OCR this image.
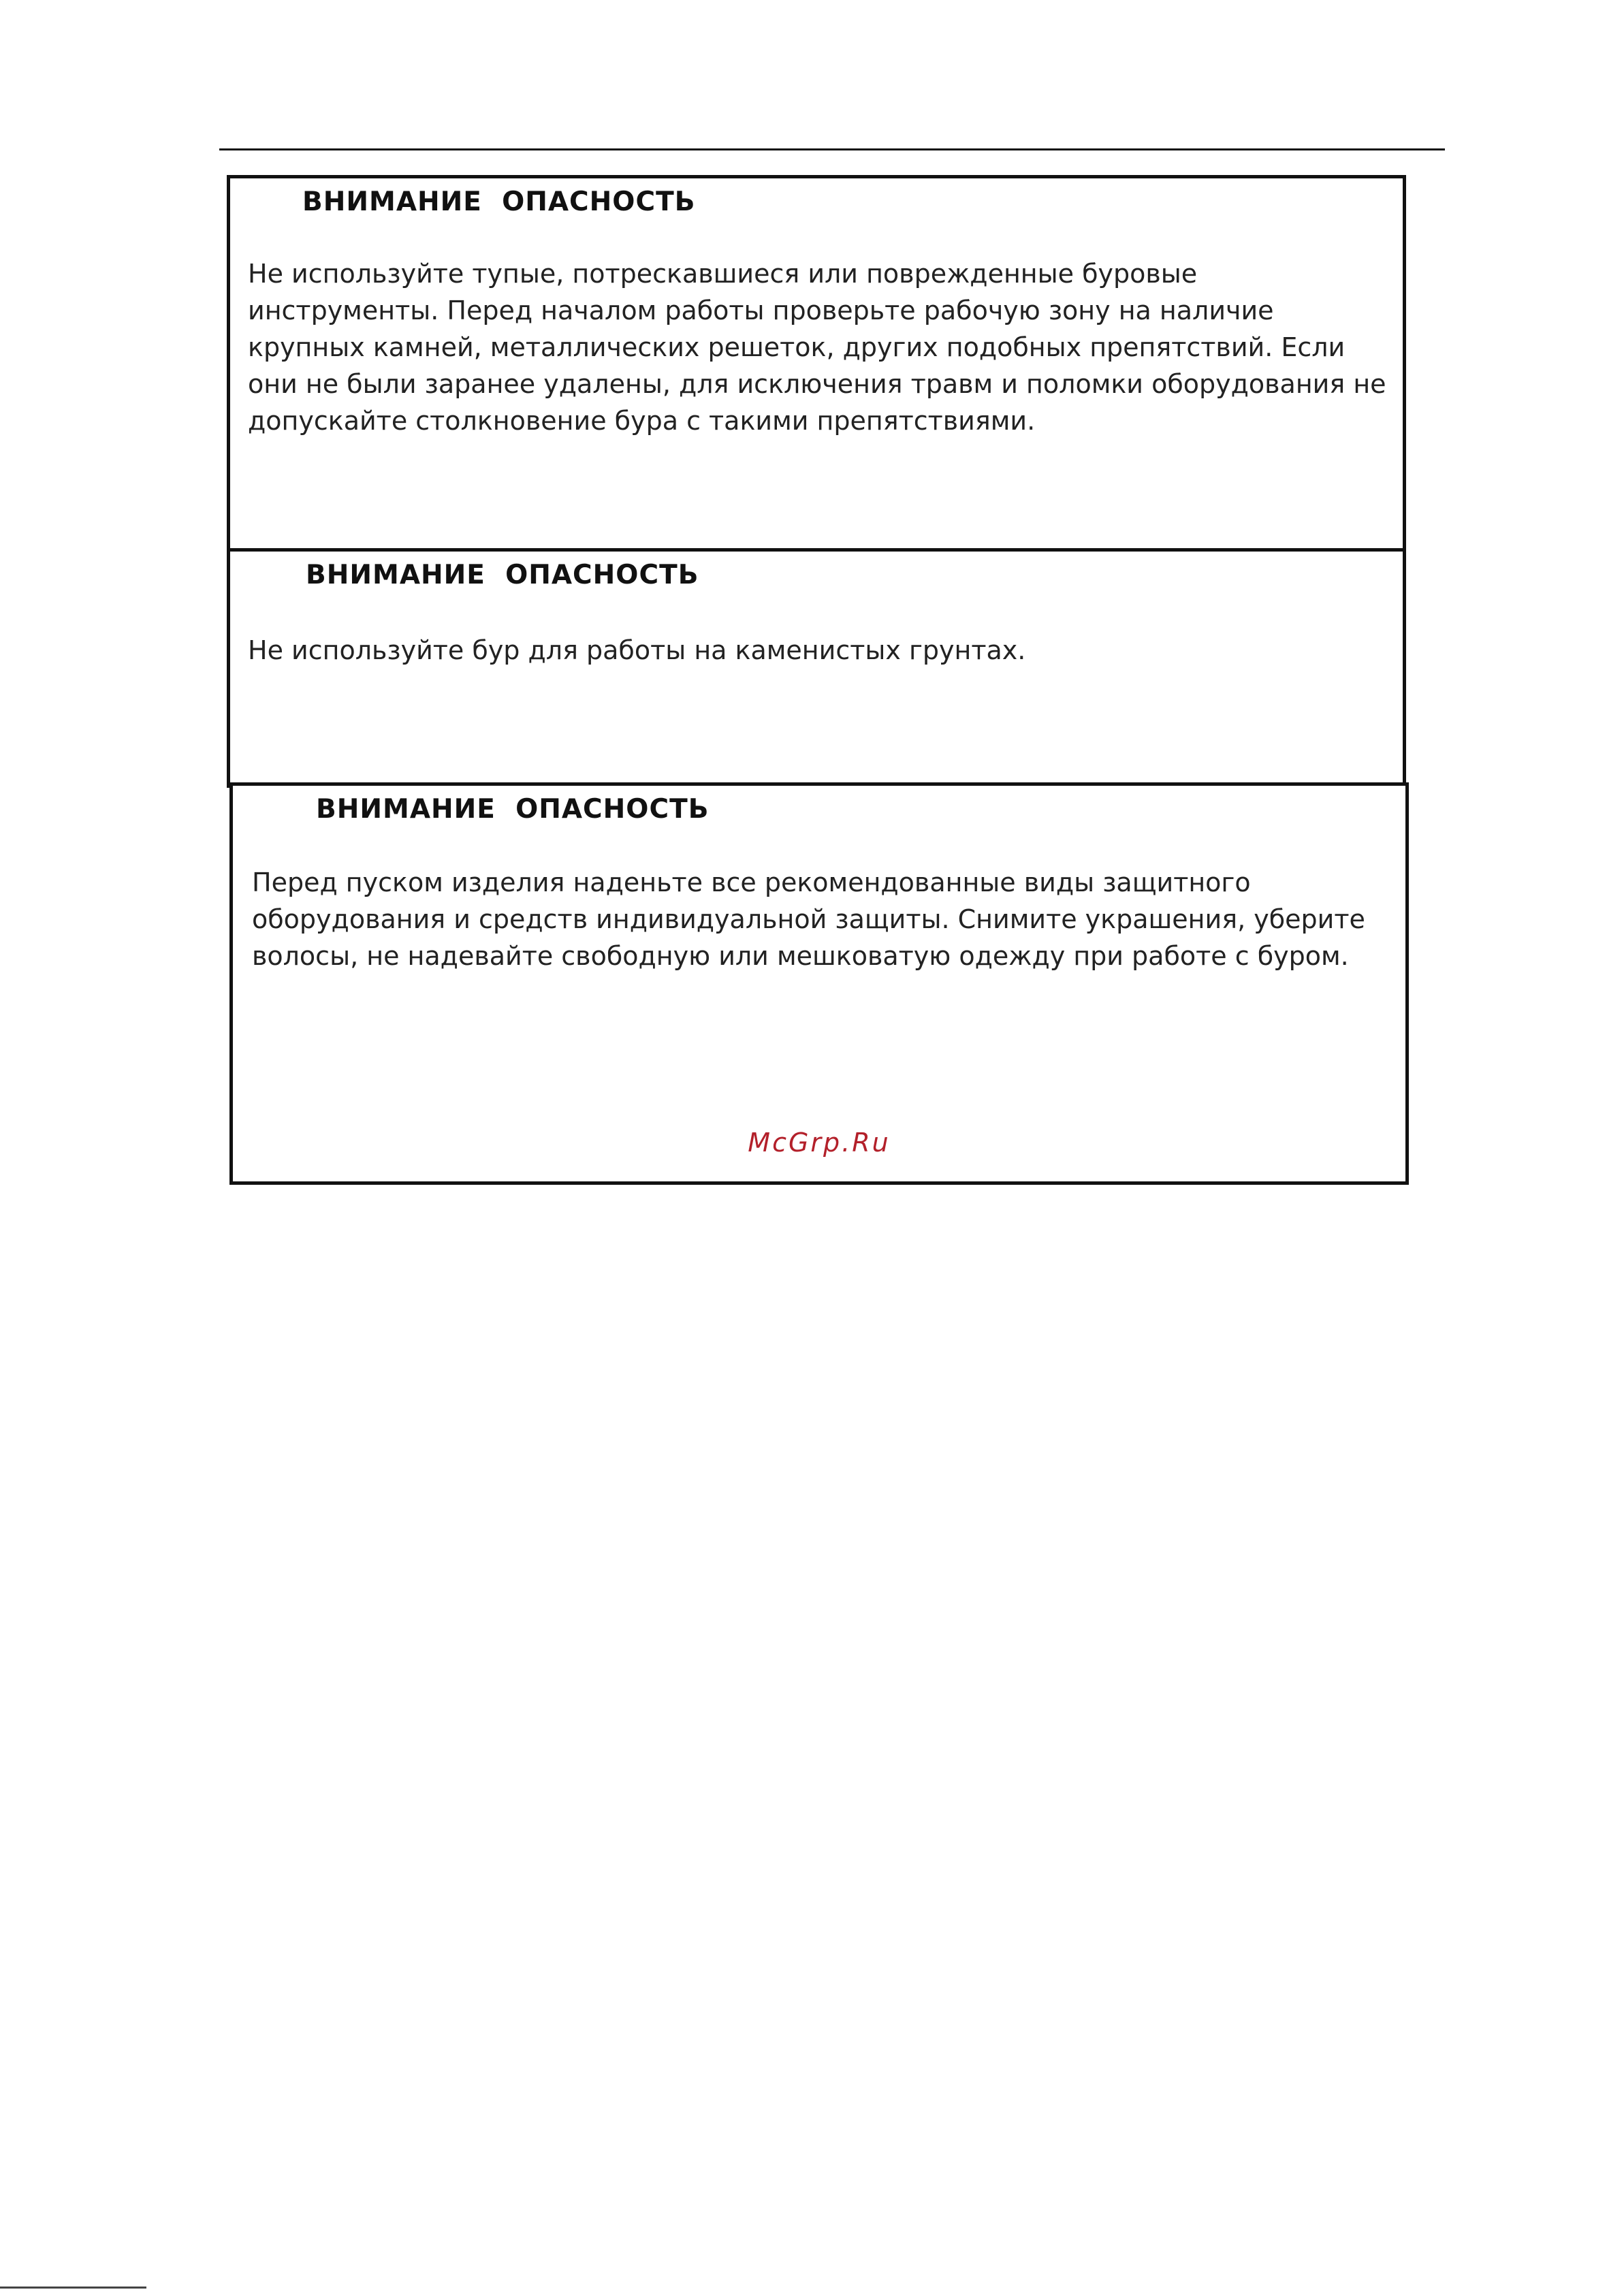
ВНИМАНИЕ  ОПАСНОСТЬ
Не используйте тупые, потрескавшиеся или поврежденные буровые инструменты. Перед началом работы проверьте рабочую зону на наличие крупных камней, металлических решеток, других подобных препятствий. Если они не были заранее удалены, для исключения травм и поломки оборудования не допускайте столкновение бура с такими препятствиями.
ВНИМАНИЕ  ОПАСНОСТЬ
Не используйте бур для работы на каменистых грунтах.
ВНИМАНИЕ  ОПАСНОСТЬ
Перед пуском изделия наденьте все рекомендованные виды защитного оборудования и средств индивидуальной защиты. Снимите украшения, уберите волосы, не надевайте свободную или мешковатую одежду при работе с буром.
McGrp.Ru
